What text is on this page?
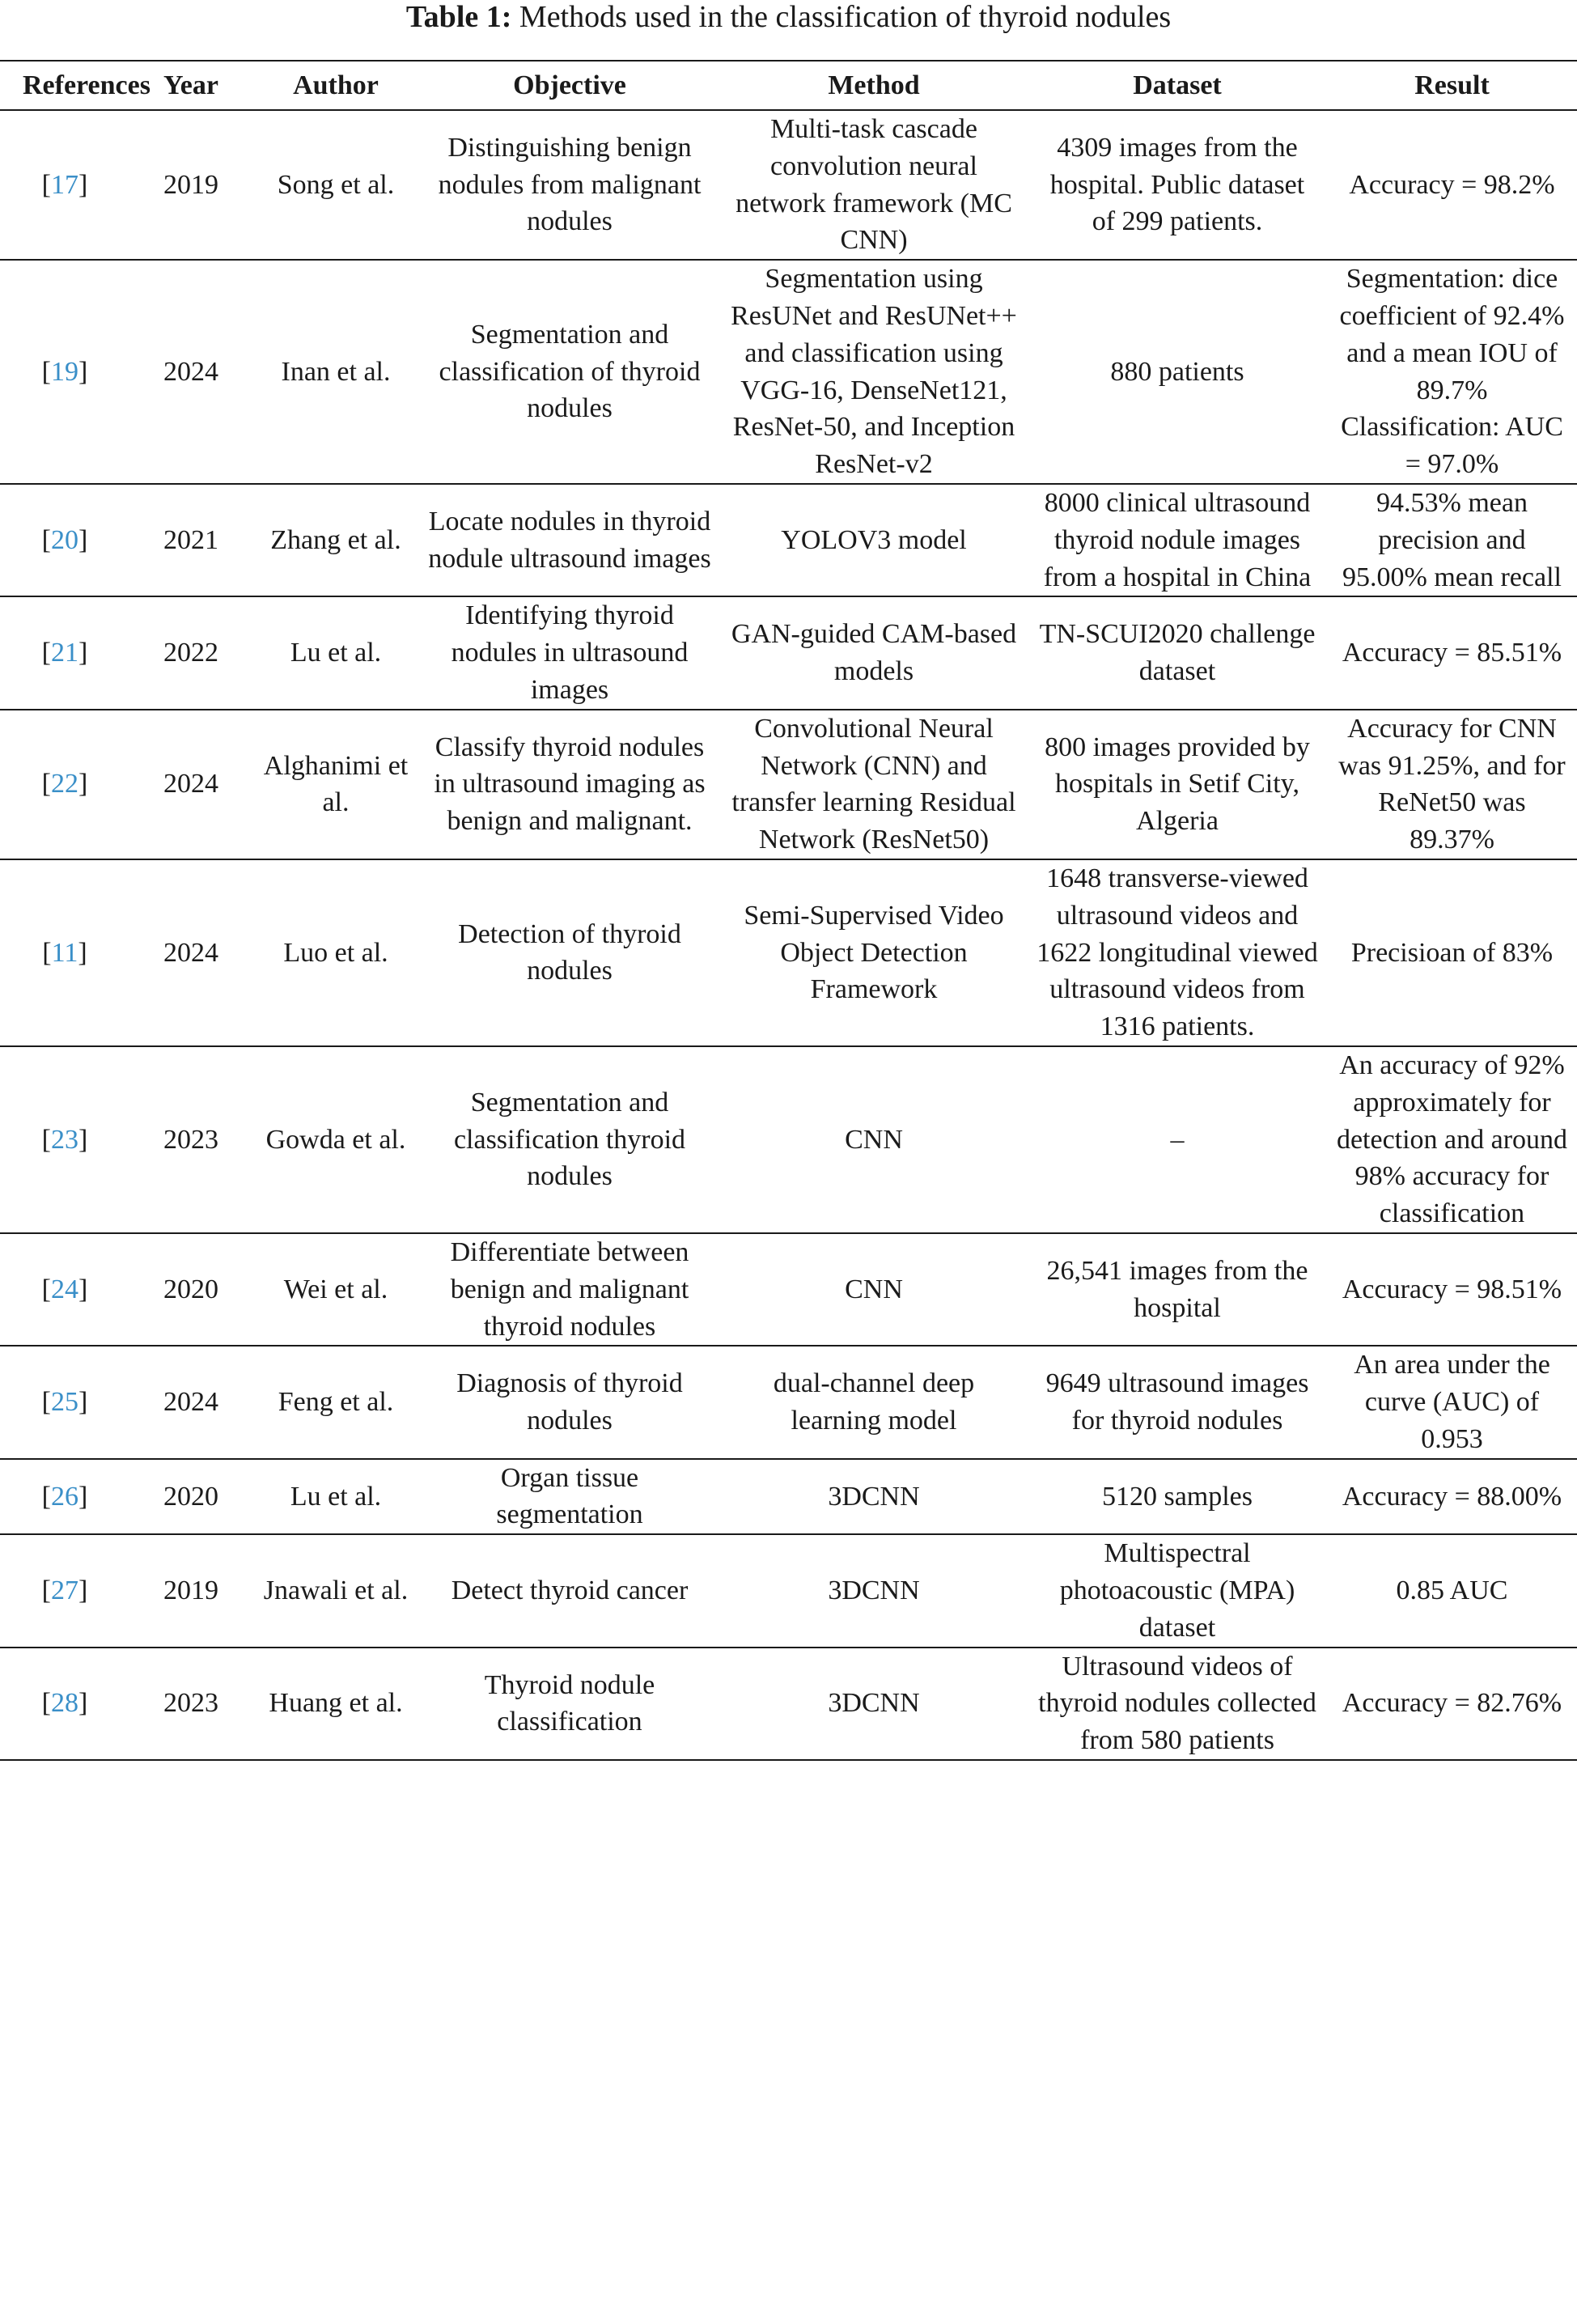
Table 1: Methods used in the classification of thyroid nodules
References	Year	Author	Objective	Method	Dataset	Result
[17]	2019	Song et al.	Distinguishing benign nodules from malignant nodules	Multi-task cascade convolution neural network framework (MC CNN)	4309 images from the hospital. Public dataset of 299 patients.	Accuracy = 98.2%
[19]	2024	Inan et al.	Segmentation and classification of thyroid nodules	Segmentation using ResUNet and ResUNet++ and classification using VGG-16, DenseNet121, ResNet-50, and Inception ResNet-v2	880 patients	Segmentation: dice coefficient of 92.4% and a mean IOU of 89.7% Classification: AUC = 97.0%
[20]	2021	Zhang et al.	Locate nodules in thyroid nodule ultrasound images	YOLOV3 model	8000 clinical ultrasound thyroid nodule images from a hospital in China	94.53% mean precision and 95.00% mean recall
[21]	2022	Lu et al.	Identifying thyroid nodules in ultrasound images	GAN-guided CAM-based models	TN-SCUI2020 challenge dataset	Accuracy = 85.51%
[22]	2024	Alghanimi et al.	Classify thyroid nodules in ultrasound imaging as benign and malignant.	Convolutional Neural Network (CNN) and transfer learning Residual Network (ResNet50)	800 images provided by hospitals in Setif City, Algeria	Accuracy for CNN was 91.25%, and for ReNet50 was 89.37%
[11]	2024	Luo et al.	Detection of thyroid nodules	Semi-Supervised Video Object Detection Framework	1648 transverse-viewed ultrasound videos and 1622 longitudinal viewed ultrasound videos from 1316 patients.	Precisioan of 83%
[23]	2023	Gowda et al.	Segmentation and classification thyroid nodules	CNN	–	An accuracy of 92% approximately for detection and around 98% accuracy for classification
[24]	2020	Wei et al.	Differentiate between benign and malignant thyroid nodules	CNN	26,541 images from the hospital	Accuracy = 98.51%
[25]	2024	Feng et al.	Diagnosis of thyroid nodules	dual-channel deep learning model	9649 ultrasound images for thyroid nodules	An area under the curve (AUC) of 0.953
[26]	2020	Lu et al.	Organ tissue segmentation	3DCNN	5120 samples	Accuracy = 88.00%
[27]	2019	Jnawali et al.	Detect thyroid cancer	3DCNN	Multispectral photoacoustic (MPA) dataset	0.85 AUC
[28]	2023	Huang et al.	Thyroid nodule classification	3DCNN	Ultrasound videos of thyroid nodules collected from 580 patients	Accuracy = 82.76%
